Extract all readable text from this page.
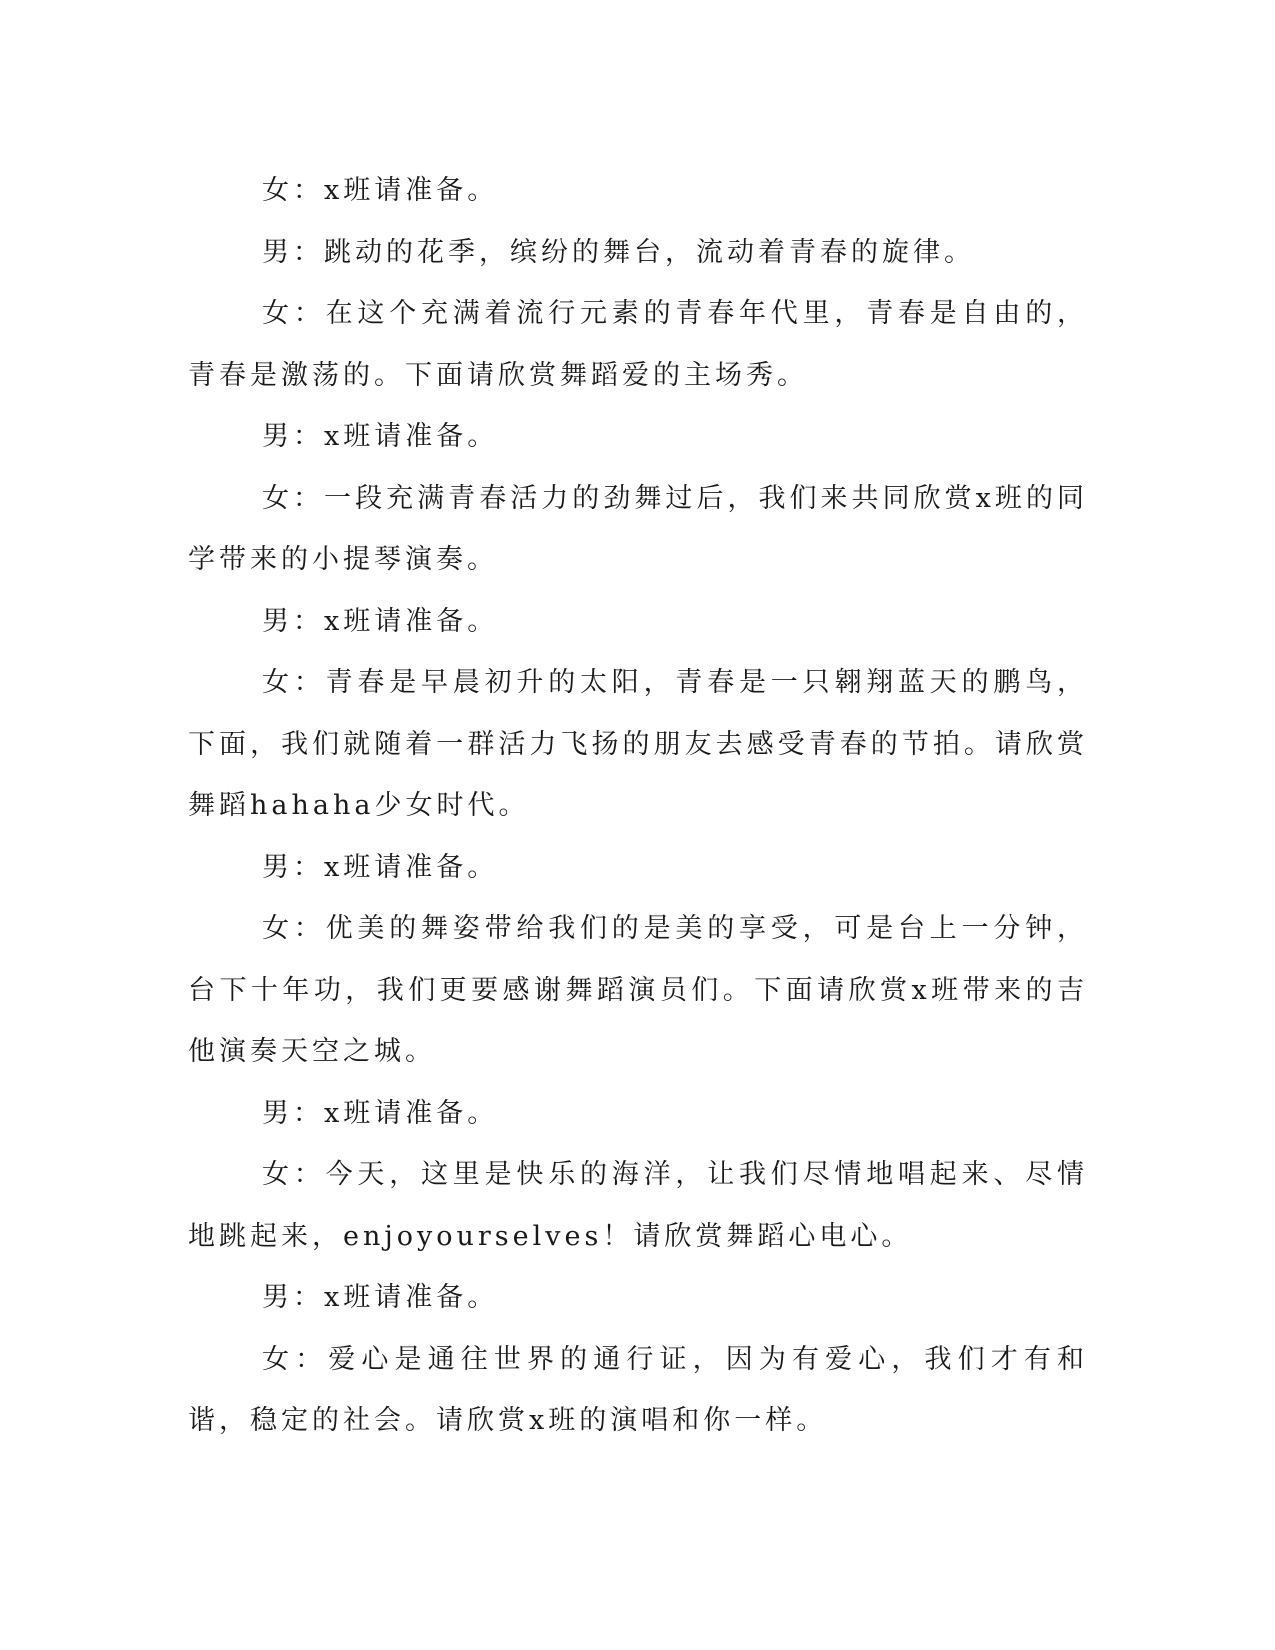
女：x班请准备。

男：跳动的花季，缤纷的舞台，流动着青春的旋律。

女：在这个充满着流行元素的青春年代里，青春是自由的，青春是激荡的。下面请欣赏舞蹈爱的主场秀。

男：x班请准备。

女：一段充满青春活力的劲舞过后，我们来共同欣赏x班的同学带来的小提琴演奏。

男：x班请准备。

女：青春是早晨初升的太阳，青春是一只翱翔蓝天的鹏鸟，下面，我们就随着一群活力飞扬的朋友去感受青春的节拍。请欣赏舞蹈hahaha少女时代。

男：x班请准备。

女：优美的舞姿带给我们的是美的享受，可是台上一分钟，台下十年功，我们更要感谢舞蹈演员们。下面请欣赏x班带来的吉他演奏天空之城。

男：x班请准备。

女：今天，这里是快乐的海洋，让我们尽情地唱起来、尽情地跳起来，enjoyourselves！请欣赏舞蹈心电心。

男：x班请准备。

女：爱心是通往世界的通行证，因为有爱心，我们才有和谐，稳定的社会。请欣赏x班的演唱和你一样。
